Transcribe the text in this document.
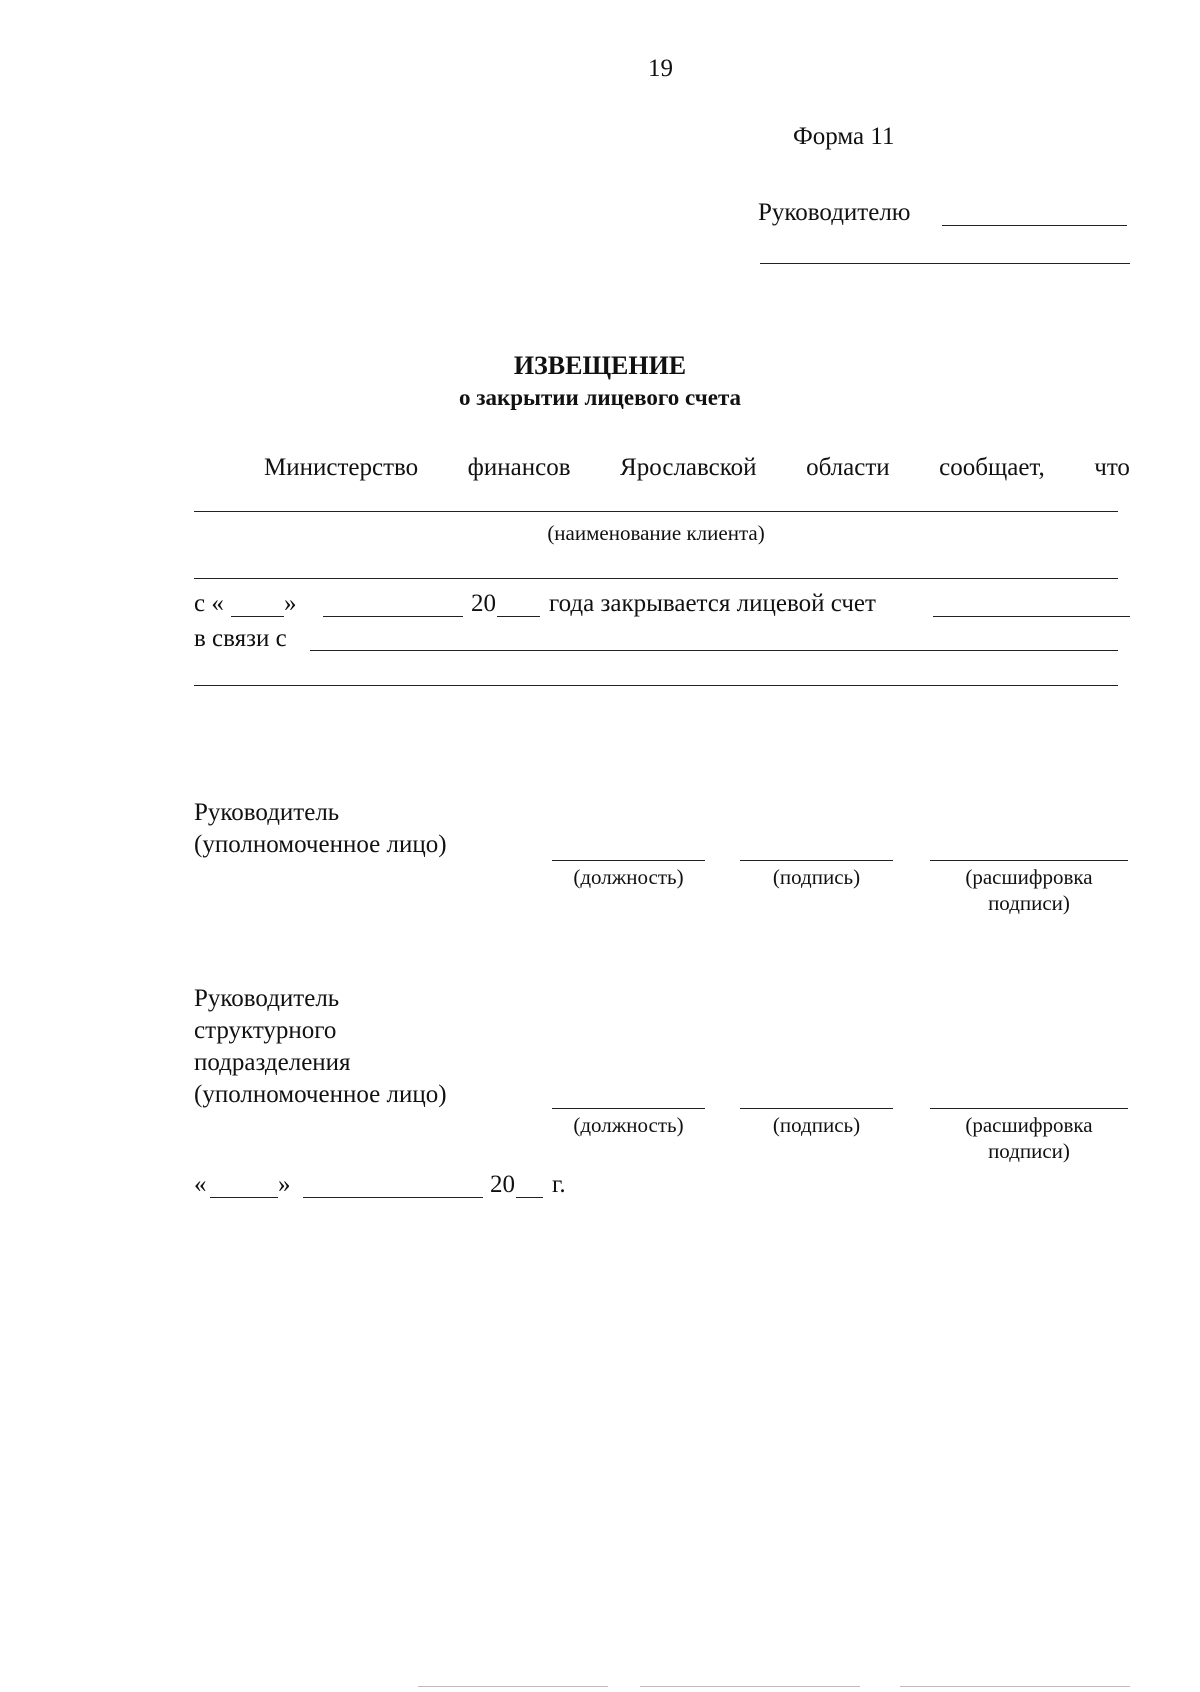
19
Форма 11
Руководителю
ИЗВЕЩЕНИЕ
о закрытии лицевого счета
Министерство финансов Ярославской области сообщает, что
(наименование клиента)
с « »	20 года закрывается лицевой счет
в связи с
Руководитель
(уполномоченное лицо)
(должность)	(подпись)	(расшифровка
подписи)
Руководитель
структурного
подразделения
(уполномоченное лицо)
(должность)	(подпись)	(расшифровка
подписи)
«	»	20 г.
